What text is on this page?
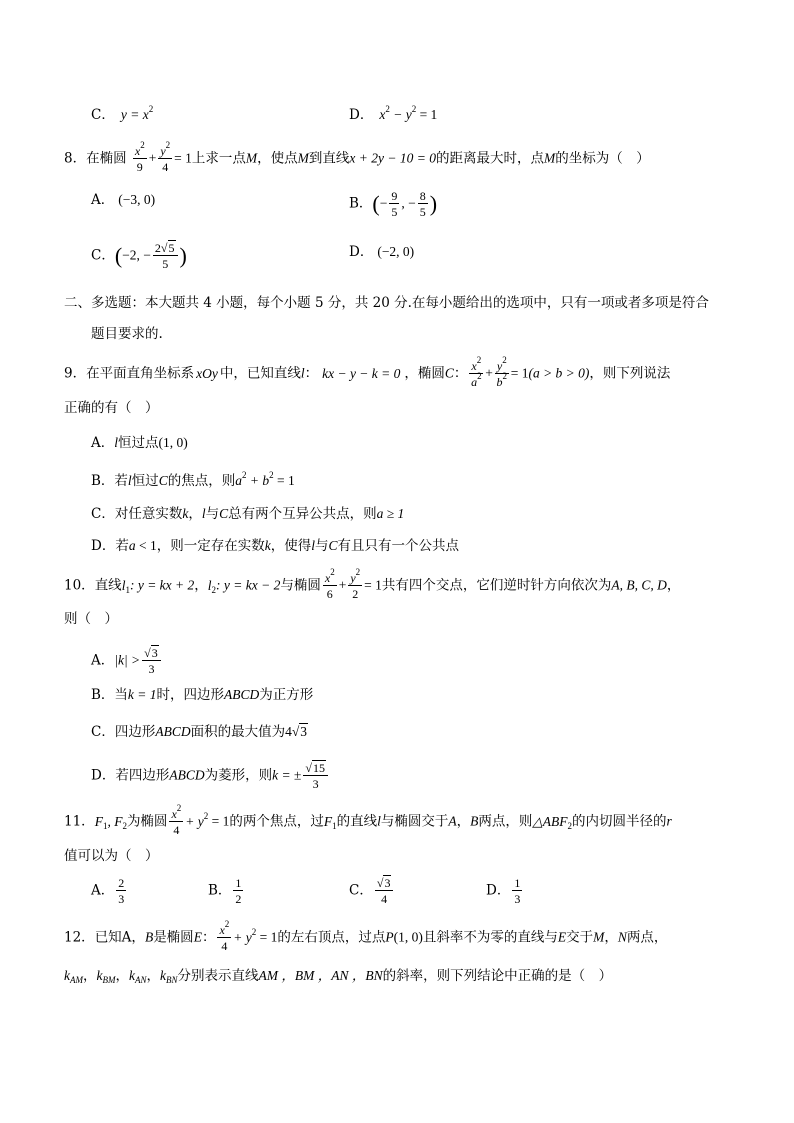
C． $y = x^2$	D． $x^2 - y^2 = 1$
8．在椭圆 $\frac{x^2}{9} + \frac{y^2}{4} = 1$上求一点M，使点M到直线x + 2y − 10 = 0的距离最大时，点M的坐标为（　）
A． (−3, 0)	B．(− $\frac{9}{5}$ , − $\frac{8}{5}$ )
C．(−2, − $\frac{2√5}{5}$ )	D． (−2, 0)
二、多选题：本大题共 4 小题，每个小题 5 分，共 20 分.在每小题给出的选项中，只有一项或者多项是符合
题目要求的.
9．在平面直角坐标系 xOy 中，已知直线l： kx − y − k = 0 ，椭圆C： $\frac{x^2}{a^2} + \frac{y^2}{b^2} = 1(a > b > 0)$，则下列说法
正确的有（　）
A．l恒过点(1, 0)
B．若l恒过C的焦点，则$a^2 + b^2 = 1$
C．对任意实数k，l与C总有两个互异公共点，则a ≥ 1
D．若a < 1，则一定存在实数k，使得l与C有且只有一个公共点
10．直线$l_1$: y = kx + 2，$l_2$: y = kx − 2与椭圆 $\frac{x^2}{6} + \frac{y^2}{2} = 1$共有四个交点，它们逆时针方向依次为A, B, C, D，
则（　）
A．$|k| > \frac{√3}{3}$
B．当k = 1时，四边形ABCD为正方形
C．四边形ABCD面积的最大值为4√3
D．若四边形ABCD为菱形，则k = ± $\frac{√15}{3}$
11．$F_1$, $F_2$为椭圆 $\frac{x^2}{4} + y^2 = 1$的两个焦点，过$F_1$的直线l与椭圆交于A，B两点，则$\triangle ABF_2$的内切圆半径的r
值可以为（　）
A． $\frac{2}{3}$	B． $\frac{1}{2}$	C． $\frac{√3}{4}$	D． $\frac{1}{3}$
12．已知A，B是椭圆E： $\frac{x^2}{4} + y^2 = 1$的左右顶点，过点P(1, 0)且斜率不为零的直线与E交于M，N两点，
$k_{AM}$，$k_{BM}$，$k_{AN}$，$k_{BN}$分别表示直线AM ，BM ，AN ，BN的斜率，则下列结论中正确的是（　）
